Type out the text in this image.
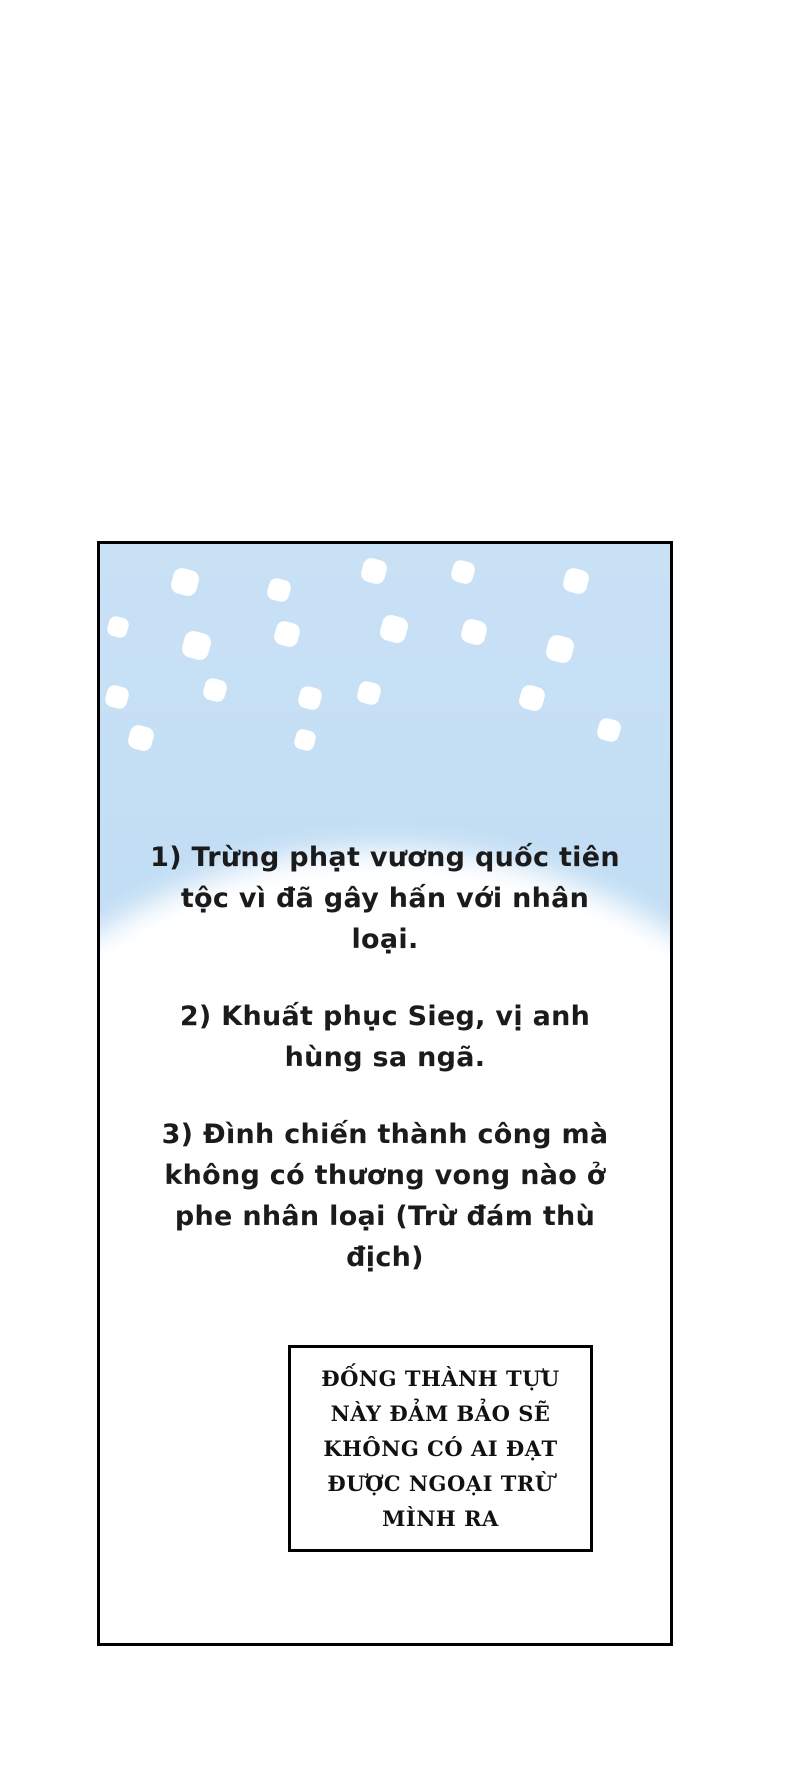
1) Trừng phạt vương quốc tiên tộc vì đã gây hấn với nhân loại.

2) Khuất phục Sieg, vị anh hùng sa ngã.

3) Đình chiến thành công mà không có thương vong nào ở phe nhân loại (Trừ đám thù địch)

ĐỐNG THÀNH TỰU NÀY ĐẢM BẢO SẼ KHÔNG CÓ AI ĐẠT ĐƯỢC NGOẠI TRỪ MÌNH RA
